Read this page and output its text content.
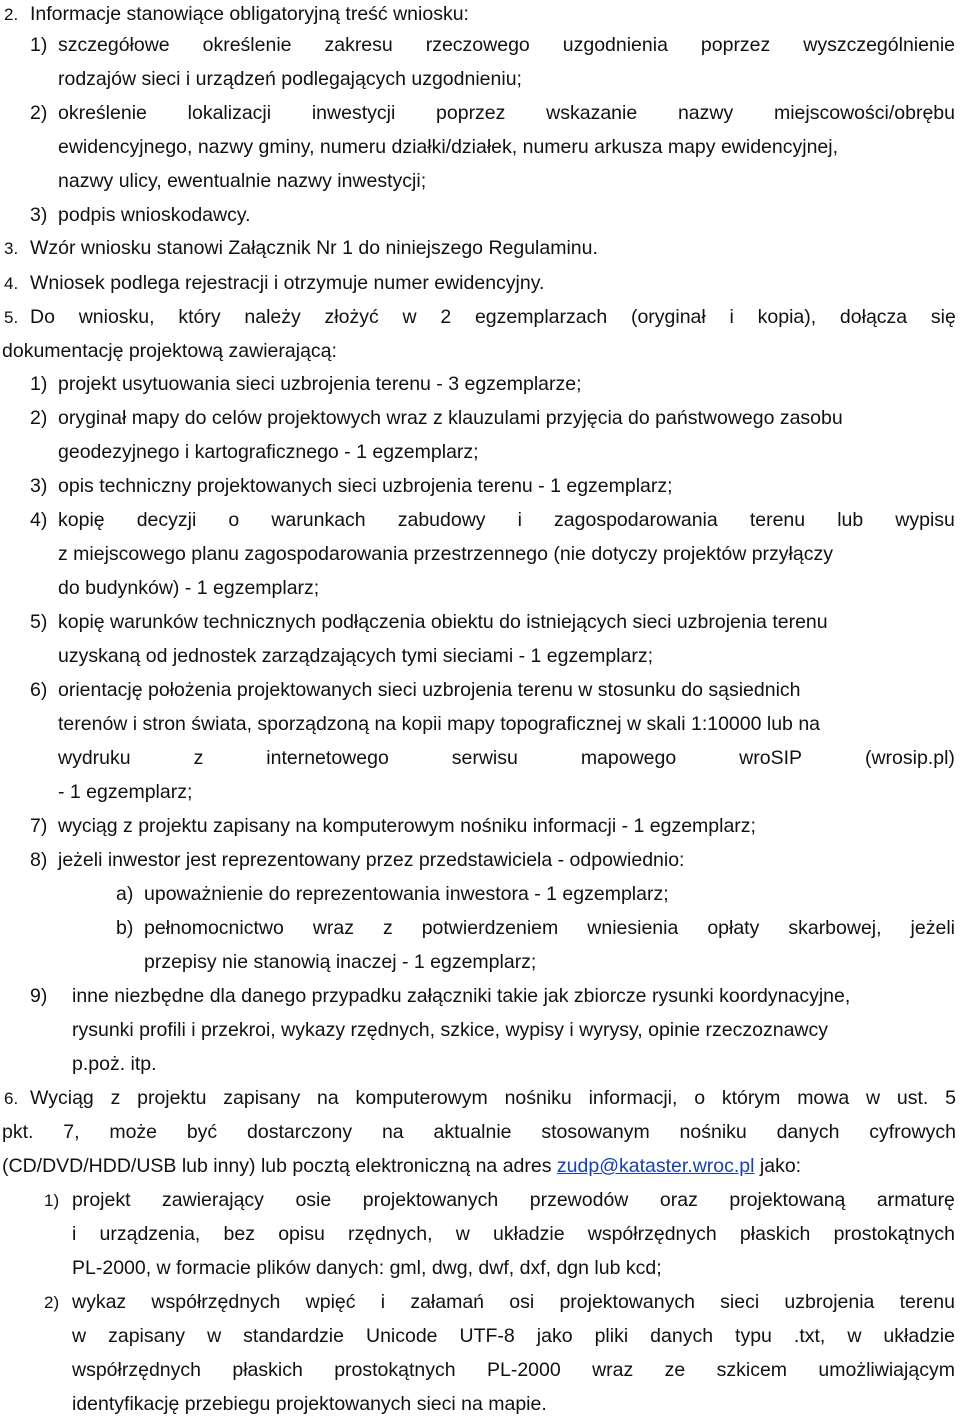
2. Informacje stanowiące obligatoryjną treść wniosku:
1) szczegółowe określenie zakresu rzeczowego uzgodnienia poprzez wyszczególnienie
rodzajów sieci i urządzeń podlegających uzgodnieniu;
2) określenie lokalizacji inwestycji poprzez wskazanie nazwy miejscowości/obrębu
ewidencyjnego, nazwy gminy, numeru działki/działek, numeru arkusza mapy ewidencyjnej,
nazwy ulicy, ewentualnie nazwy inwestycji;
3) podpis wnioskodawcy.
3. Wzór wniosku stanowi Załącznik Nr 1 do niniejszego Regulaminu.
4. Wniosek podlega rejestracji i otrzymuje numer ewidencyjny.
5. Do wniosku, który należy złożyć w 2 egzemplarzach (oryginał i kopia), dołącza się
dokumentację projektową zawierającą:
1) projekt usytuowania sieci uzbrojenia terenu - 3 egzemplarze;
2) oryginał mapy do celów projektowych wraz z klauzulami przyjęcia do państwowego zasobu
geodezyjnego i kartograficznego - 1 egzemplarz;
3) opis techniczny projektowanych sieci uzbrojenia terenu - 1 egzemplarz;
4) kopię decyzji o warunkach zabudowy i zagospodarowania terenu lub wypisu
z miejscowego planu zagospodarowania przestrzennego (nie dotyczy projektów przyłączy
do budynków) - 1 egzemplarz;
5) kopię warunków technicznych podłączenia obiektu do istniejących sieci uzbrojenia terenu
uzyskaną od jednostek zarządzających tymi sieciami - 1 egzemplarz;
6) orientację położenia projektowanych sieci uzbrojenia terenu w stosunku do sąsiednich
terenów i stron świata, sporządzoną na kopii mapy topograficznej w skali 1:10000 lub na
wydruku	z	internetowego	serwisu	mapowego	wroSIP	(wrosip.pl)
- 1 egzemplarz;
7) wyciąg z projektu zapisany na komputerowym nośniku informacji - 1 egzemplarz;
8) jeżeli inwestor jest reprezentowany przez przedstawiciela - odpowiednio:
a) upoważnienie do reprezentowania inwestora - 1 egzemplarz;
b) pełnomocnictwo wraz z potwierdzeniem wniesienia opłaty skarbowej, jeżeli
przepisy nie stanowią inaczej - 1 egzemplarz;
9) inne niezbędne dla danego przypadku załączniki takie jak zbiorcze rysunki koordynacyjne,
rysunki profili i przekroi, wykazy rzędnych, szkice, wypisy i wyrysy, opinie rzeczoznawcy
p.poż. itp.
6. Wyciąg z projektu zapisany na komputerowym nośniku informacji, o którym mowa w ust. 5
pkt. 7, może być dostarczony na aktualnie stosowanym nośniku danych cyfrowych
(CD/DVD/HDD/USB lub inny) lub pocztą elektroniczną na adres zudp@kataster.wroc.pl jako:
1) projekt zawierający osie projektowanych przewodów oraz projektowaną armaturę
i urządzenia, bez opisu rzędnych, w układzie współrzędnych płaskich prostokątnych
PL-2000, w formacie plików danych: gml, dwg, dwf, dxf, dgn lub kcd;
2) wykaz współrzędnych wpięć i załamań osi projektowanych sieci uzbrojenia terenu
w zapisany w standardzie Unicode UTF-8 jako pliki danych typu .txt, w układzie
współrzędnych płaskich prostokątnych PL-2000 wraz ze szkicem umożliwiającym
identyfikację przebiegu projektowanych sieci na mapie.
